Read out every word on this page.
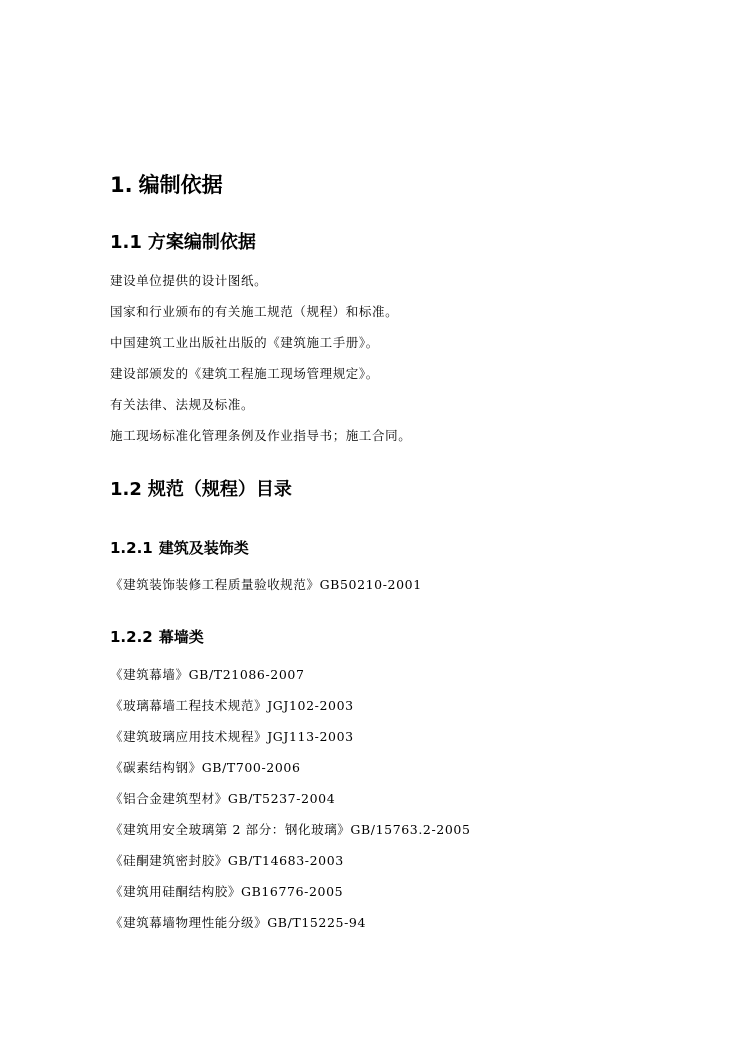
1. 编制依据
1.1 方案编制依据
建设单位提供的设计图纸。
国家和行业颁布的有关施工规范（规程）和标准。
中国建筑工业出版社出版的《建筑施工手册》。
建设部颁发的《建筑工程施工现场管理规定》。
有关法律、法规及标准。
施工现场标准化管理条例及作业指导书；施工合同。
1.2 规范（规程）目录
1.2.1 建筑及装饰类
《建筑装饰装修工程质量验收规范》GB50210-2001
1.2.2 幕墙类
《建筑幕墙》GB/T21086-2007
《玻璃幕墙工程技术规范》JGJ102-2003
《建筑玻璃应用技术规程》JGJ113-2003
《碳素结构钢》GB/T700-2006
《铝合金建筑型材》GB/T5237-2004
《建筑用安全玻璃第 2 部分：钢化玻璃》GB/15763.2-2005
《硅酮建筑密封胶》GB/T14683-2003
《建筑用硅酮结构胶》GB16776-2005
《建筑幕墙物理性能分级》GB/T15225-94
